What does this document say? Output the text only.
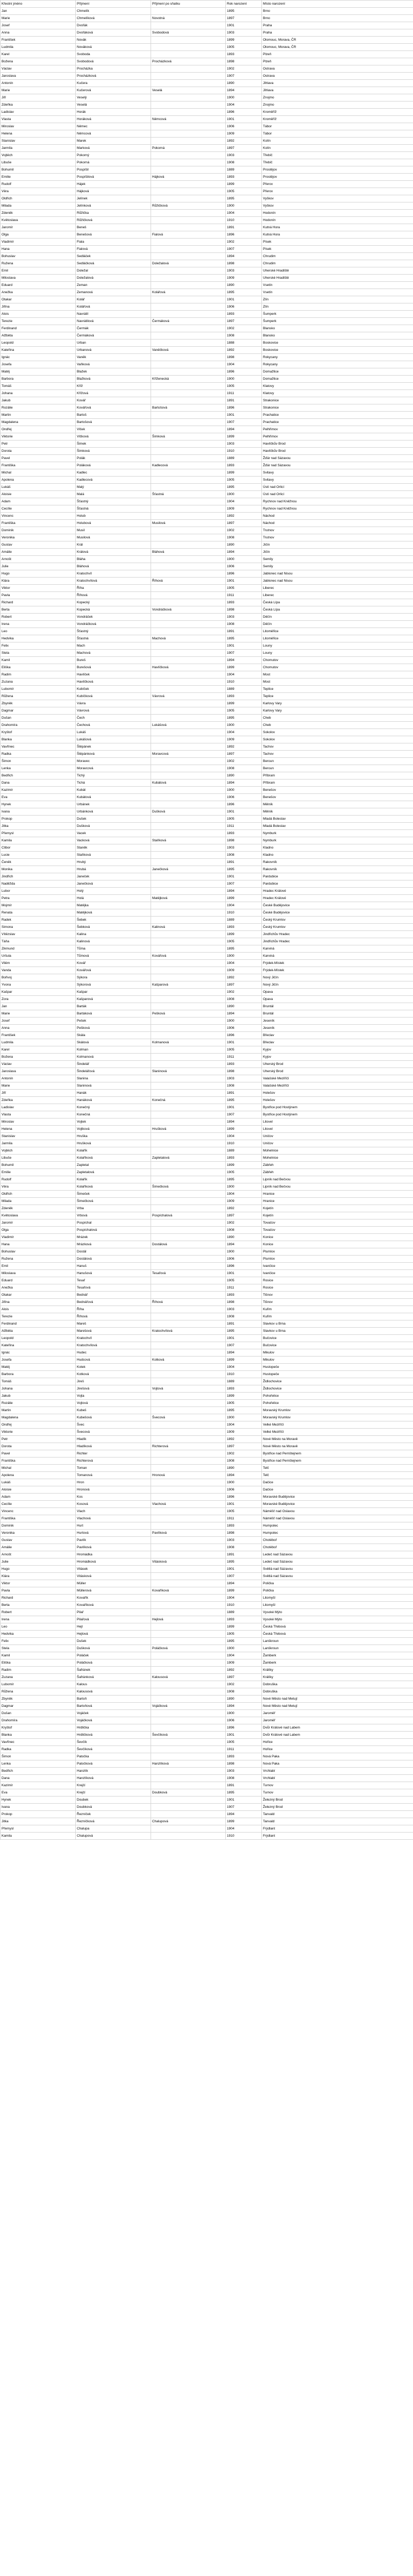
Křestní jméno	Příjmení	Příjmení po sňatku	Rok narození	Místo narození
Jan	Chmelík		1895	Brno
Marie	Chmelíková	Novotná	1897	Brno
Josef	Dvořák		1901	Praha
Anna	Dvořáková	Svobodová	1903	Praha
František	Novák		1899	Olomouc, Morava, ČR
Ludmila	Nováková		1905	Olomouc, Morava, ČR
Karel	Svoboda		1893	Plzeň
Božena	Svobodová	Procházková	1898	Plzeň
Václav	Procházka		1902	Ostrava
Jaroslava	Procházková		1907	Ostrava
Antonín	Kučera		1890	Jihlava
Marie	Kučerová	Veselá	1894	Jihlava
Jiří	Veselý		1900	Znojmo
Zdeňka	Veselá		1904	Znojmo
Ladislav	Horák		1896	Kroměříž
Vlasta	Horáková	Němcová	1901	Kroměříž
Miroslav	Němec		1906	Tábor
Helena	Němcová		1909	Tábor
Stanislav	Marek		1892	Kolín
Jarmila	Marková	Pokorná	1897	Kolín
Vojtěch	Pokorný		1903	Třebíč
Libuše	Pokorná		1908	Třebíč
Bohumil	Pospíšil		1889	Prostějov
Emilie	Pospíšilová	Hájková	1893	Prostějov
Rudolf	Hájek		1899	Přerov
Věra	Hájková		1905	Přerov
Oldřich	Jelínek		1895	Vyškov
Milada	Jelínková	Růžičková	1900	Vyškov
Zdeněk	Růžička		1904	Hodonín
Květoslava	Růžičková		1910	Hodonín
Jaromír	Beneš		1891	Kutná Hora
Olga	Benešová	Fialová	1896	Kutná Hora
Vladimír	Fiala		1902	Písek
Hana	Fialová		1907	Písek
Bohuslav	Sedláček		1894	Chrudim
Ružena	Sedláčková	Doležalová	1898	Chrudim
Emil	Doležal		1903	Uherské Hradiště
Miloslava	Doležalová		1909	Uherské Hradiště
Eduard	Zeman		1890	Vsetín
Anežka	Zemanová	Kolářová	1895	Vsetín
Otakar	Kolář		1901	Zlín
Jiřina	Kolářová		1906	Zlín
Alois	Navrátil		1893	Šumperk
Terezie	Navrátilová	Čermáková	1897	Šumperk
Ferdinand	Čermák		1902	Blansko
Alžběta	Čermáková		1908	Blansko
Leopold	Urban		1888	Boskovice
Kateřina	Urbanová	Vaněčková	1892	Boskovice
Ignác	Vaněk		1898	Rokycany
Josefa	Vaňková		1904	Rokycany
Matěj	Blažek		1896	Domažlice
Barbora	Blažková	Kříženecká	1900	Domažlice
Tomáš	Kříž		1905	Klatovy
Johana	Křížová		1911	Klatovy
Jakub	Kovář		1891	Strakonice
Rozálie	Kovářová	Bartošová	1896	Strakonice
Martin	Bartoš		1901	Prachatice
Magdalena	Bartošová		1907	Prachatice
Ondřej	Vlček		1894	Pelhřimov
Viktorie	Vlčková	Šimková	1899	Pelhřimov
Petr	Šimek		1903	Havlíčkův Brod
Dorota	Šimková		1910	Havlíčkův Brod
Pavel	Polák		1889	Žďár nad Sázavou
Františka	Poláková	Kadlecová	1893	Žďár nad Sázavou
Michal	Kadlec		1899	Svitavy
Apolena	Kadlecová		1905	Svitavy
Lukáš	Malý		1895	Ústí nad Orlicí
Aloisie	Malá	Šťastná	1900	Ústí nad Orlicí
Adam	Šťastný		1904	Rychnov nad Kněžnou
Cecílie	Šťastná		1909	Rychnov nad Kněžnou
Vincenc	Holub		1892	Náchod
Františka	Holubová	Musilová	1897	Náchod
Dominik	Musil		1902	Trutnov
Veronika	Musilová		1908	Trutnov
Gustav	Král		1890	Jičín
Amálie	Králová	Bláhová	1894	Jičín
Arnošt	Bláha		1900	Semily
Julie	Bláhová		1906	Semily
Hugo	Kratochvíl		1896	Jablonec nad Nisou
Klára	Kratochvílová	Říhová	1901	Jablonec nad Nisou
Viktor	Říha		1905	Liberec
Pavla	Říhová		1911	Liberec
Richard	Kopecký		1893	Česká Lípa
Berta	Kopecká	Vondráčková	1898	Česká Lípa
Robert	Vondráček		1903	Děčín
Irena	Vondráčková		1908	Děčín
Leo	Šťastný		1891	Litoměřice
Hedvika	Šťastná	Machová	1895	Litoměřice
Felix	Mach		1901	Louny
Stela	Machová		1907	Louny
Kamil	Bureš		1894	Chomutov
Eliška	Burešová	Havlíčková	1899	Chomutov
Radim	Havlíček		1904	Most
Zuzana	Havlíčková		1910	Most
Lubomír	Kubíček		1889	Teplice
Růžena	Kubíčková	Vávrová	1893	Teplice
Zbyněk	Vávra		1899	Karlovy Vary
Dagmar	Vávrová		1905	Karlovy Vary
Dušan	Čech		1895	Cheb
Drahomíra	Čechová	Lukášová	1900	Cheb
Kryštof	Lukáš		1904	Sokolov
Blanka	Lukášová		1909	Sokolov
Vavřinec	Štěpánek		1892	Tachov
Radka	Štěpánková	Moravcová	1897	Tachov
Šimon	Moravec		1902	Beroun
Lenka	Moravcová		1908	Beroun
Bedřich	Tichý		1890	Příbram
Dana	Tichá	Kubátová	1894	Příbram
Kazimír	Kubát		1900	Benešov
Eva	Kubátová		1906	Benešov
Hynek	Urbánek		1896	Mělník
Ivana	Urbánková	Dušková	1901	Mělník
Prokop	Dušek		1905	Mladá Boleslav
Jitka	Dušková		1911	Mladá Boleslav
Přemysl	Vacek		1893	Nymburk
Kamila	Vacková	Staňková	1898	Nymburk
Ctibor	Staněk		1903	Kladno
Lucie	Staňková		1908	Kladno
Čeněk	Hrubý		1891	Rakovník
Monika	Hrubá	Janečková	1895	Rakovník
Jindřich	Janeček		1901	Pardubice
Naděžda	Janečková		1907	Pardubice
Lubor	Holý		1894	Hradec Králové
Petra	Holá	Matějková	1899	Hradec Králové
Mojmír	Matějka		1904	České Budějovice
Renata	Matějková		1910	České Budějovice
Radek	Šebek		1889	Český Krumlov
Simona	Šebková	Kalinová	1893	Český Krumlov
Vítězslav	Kalina		1899	Jindřichův Hradec
Táňa	Kalinová		1905	Jindřichův Hradec
Zikmund	Tůma		1895	Karviná
Uršula	Tůmová	Kovářová	1900	Karviná
Vilém	Kovář		1904	Frýdek-Místek
Vanda	Kovářová		1909	Frýdek-Místek
Bořivoj	Sýkora		1892	Nový Jičín
Yvona	Sýkorová	Kašparová	1897	Nový Jičín
Kašpar	Kašpar		1902	Opava
Zora	Kašparová		1908	Opava
Jan	Barták		1890	Bruntál
Marie	Bartáková	Pešková	1894	Bruntál
Josef	Pešek		1900	Jeseník
Anna	Pešková		1906	Jeseník
František	Skála		1896	Břeclav
Ludmila	Skálová	Kolmanová	1901	Břeclav
Karel	Kolman		1905	Kyjov
Božena	Kolmanová		1911	Kyjov
Václav	Šindelář		1893	Uherský Brod
Jaroslava	Šindelářová	Slaninová	1898	Uherský Brod
Antonín	Slanina		1903	Valašské Meziříčí
Marie	Slaninová		1908	Valašské Meziříčí
Jiří	Hanák		1891	Holešov
Zdeňka	Hanáková	Konečná	1895	Holešov
Ladislav	Konečný		1901	Bystřice pod Hostýnem
Vlasta	Konečná		1907	Bystřice pod Hostýnem
Miroslav	Vojtek		1894	Litovel
Helena	Vojtková	Hrušková	1899	Litovel
Stanislav	Hruška		1904	Uničov
Jarmila	Hrušková		1910	Uničov
Vojtěch	Kolařík		1889	Mohelnice
Libuše	Kolaříková	Zapletalová	1893	Mohelnice
Bohumil	Zapletal		1899	Zábřeh
Emilie	Zapletalová		1905	Zábřeh
Rudolf	Kolařík		1895	Lipník nad Bečvou
Věra	Kolaříková	Šimečková	1900	Lipník nad Bečvou
Oldřich	Šimeček		1904	Hranice
Milada	Šimečková		1909	Hranice
Zdeněk	Vrba		1892	Kojetín
Květoslava	Vrbová	Pospíchalová	1897	Kojetín
Jaromír	Pospíchal		1902	Tovačov
Olga	Pospíchalová		1908	Tovačov
Vladimír	Mrázek		1890	Konice
Hana	Mrázková	Dostálová	1894	Konice
Bohuslav	Dostál		1900	Plumlov
Ružena	Dostálová		1906	Plumlov
Emil	Hanuš		1896	Ivančice
Miloslava	Hanušová	Tesařová	1901	Ivančice
Eduard	Tesař		1905	Rosice
Anežka	Tesařová		1911	Rosice
Otakar	Bednář		1893	Tišnov
Jiřina	Bednářová	Říhová	1898	Tišnov
Alois	Říha		1903	Kuřim
Terezie	Říhová		1908	Kuřim
Ferdinand	Mareš		1891	Slavkov u Brna
Alžběta	Marešová	Kratochvílová	1895	Slavkov u Brna
Leopold	Kratochvíl		1901	Bučovice
Kateřina	Kratochvílová		1907	Bučovice
Ignác	Hudec		1894	Mikulov
Josefa	Hudcová	Kotková	1899	Mikulov
Matěj	Kotek		1904	Hustopeče
Barbora	Kotková		1910	Hustopeče
Tomáš	Jireš		1889	Židlochovice
Johana	Jirešová	Vojtová	1893	Židlochovice
Jakub	Vojta		1899	Pohořelice
Rozálie	Vojtová		1905	Pohořelice
Martin	Kubeš		1895	Moravský Krumlov
Magdalena	Kubešová	Švecová	1900	Moravský Krumlov
Ondřej	Švec		1904	Velké Meziříčí
Viktorie	Švecová		1909	Velké Meziříčí
Petr	Hladík		1892	Nové Město na Moravě
Dorota	Hladíková	Richterová	1897	Nové Město na Moravě
Pavel	Richter		1902	Bystřice nad Pernštejnem
Františka	Richterová		1908	Bystřice nad Pernštejnem
Michal	Toman		1890	Telč
Apolena	Tomanová	Hronová	1894	Telč
Lukáš	Hron		1900	Dačice
Aloisie	Hronová		1906	Dačice
Adam	Kos		1896	Moravské Budějovice
Cecílie	Kosová	Vlachová	1901	Moravské Budějovice
Vincenc	Vlach		1905	Náměšť nad Oslavou
Františka	Vlachová		1911	Náměšť nad Oslavou
Dominik	Hurt		1893	Humpolec
Veronika	Hurtová	Pavlíková	1898	Humpolec
Gustav	Pavlík		1903	Chotěboř
Amálie	Pavlíková		1908	Chotěboř
Arnošt	Hromádka		1891	Ledeč nad Sázavou
Julie	Hromádková	Vitásková	1895	Ledeč nad Sázavou
Hugo	Vitásek		1901	Světlá nad Sázavou
Klára	Vitásková		1907	Světlá nad Sázavou
Viktor	Müller		1894	Polička
Pavla	Müllerová	Kovaříková	1899	Polička
Richard	Kovařík		1904	Litomyšl
Berta	Kovaříková		1910	Litomyšl
Robert	Pilař		1889	Vysoké Mýto
Irena	Pilařová	Hejlová	1893	Vysoké Mýto
Leo	Hejl		1899	Česká Třebová
Hedvika	Hejlová		1905	Česká Třebová
Felix	Dušek		1895	Lanškroun
Stela	Dušková	Poláčková	1900	Lanškroun
Kamil	Poláček		1904	Žamberk
Eliška	Poláčková		1909	Žamberk
Radim	Šafránek		1892	Králíky
Zuzana	Šafránková	Kalousová	1897	Králíky
Lubomír	Kalous		1902	Dobruška
Růžena	Kalousová		1908	Dobruška
Zbyněk	Bartoň		1890	Nové Město nad Metují
Dagmar	Bartoňová	Vojáčková	1894	Nové Město nad Metují
Dušan	Vojáček		1900	Jaroměř
Drahomíra	Vojáčková		1906	Jaroměř
Kryštof	Hrdlička		1896	Dvůr Králové nad Labem
Blanka	Hrdličková	Ševčíková	1901	Dvůr Králové nad Labem
Vavřinec	Ševčík		1905	Hořice
Radka	Ševčíková		1911	Hořice
Šimon	Patočka		1893	Nová Paka
Lenka	Patočková	Hanzlíková	1898	Nová Paka
Bedřich	Hanzlík		1903	Vrchlabí
Dana	Hanzlíková		1908	Vrchlabí
Kazimír	Krejčí		1891	Turnov
Eva	Krejčí	Doubková	1895	Turnov
Hynek	Doubek		1901	Železný Brod
Ivana	Doubková		1907	Železný Brod
Prokop	Řezníček		1894	Tanvald
Jitka	Řezníčková	Chalupová	1899	Tanvald
Přemysl	Chalupa		1904	Frýdlant
Kamila	Chalupová		1910	Frýdlant
